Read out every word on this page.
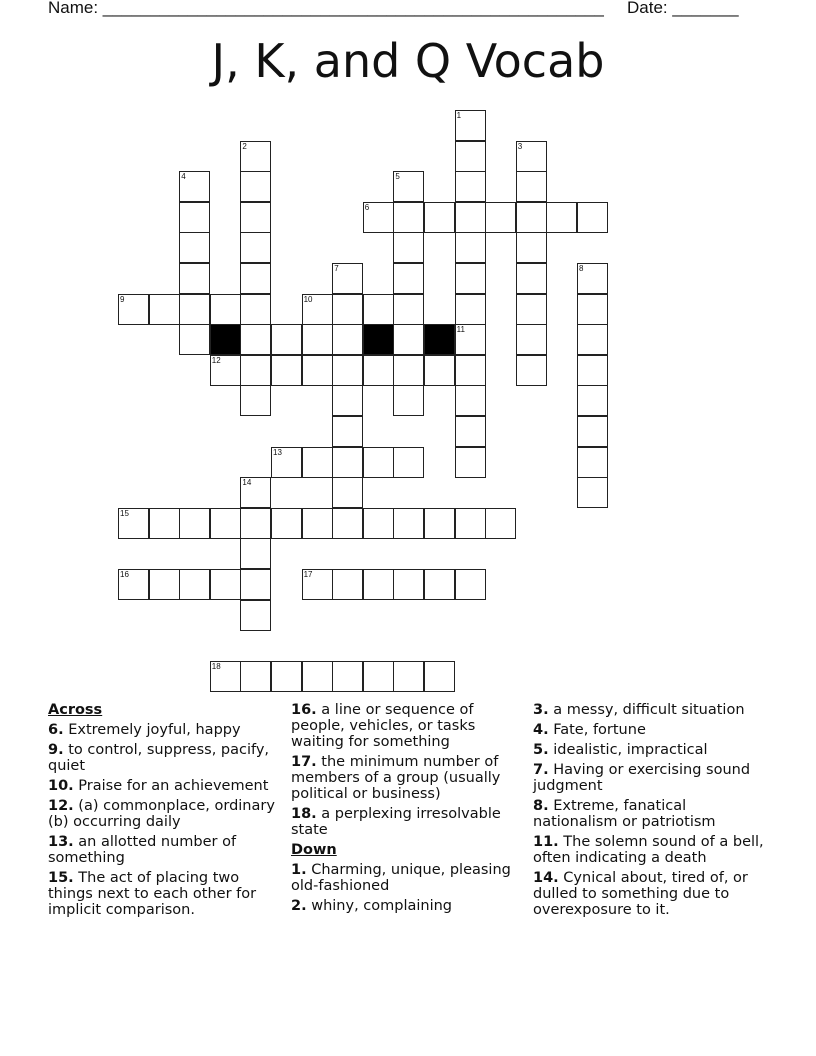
Name: _____________________________________________________ Date: _______
J, K, and Q Vocab
1
11
2	3
4	5
7	8
14
6
9	10
12
13
15
16	17
18
Across
6. Extremely joyful, happy
9. to control, suppress, pacify, quiet
10. Praise for an achievement
12. (a) commonplace, ordinary (b) occurring daily
13. an allotted number of something
15. The act of placing two things next to each other for implicit comparison.
16. a line or sequence of people, vehicles, or tasks waiting for something
17. the minimum number of members of a group (usually political or business)
18. a perplexing irresolvable state
Down
1. Charming, unique, pleasing old-fashioned
2. whiny, complaining
3. a messy, difficult situation
4. Fate, fortune
5. idealistic, impractical
7. Having or exercising sound judgment
8. Extreme, fanatical nationalism or patriotism
11. The solemn sound of a bell, often indicating a death
14. Cynical about, tired of, or dulled to something due to overexposure to it.
